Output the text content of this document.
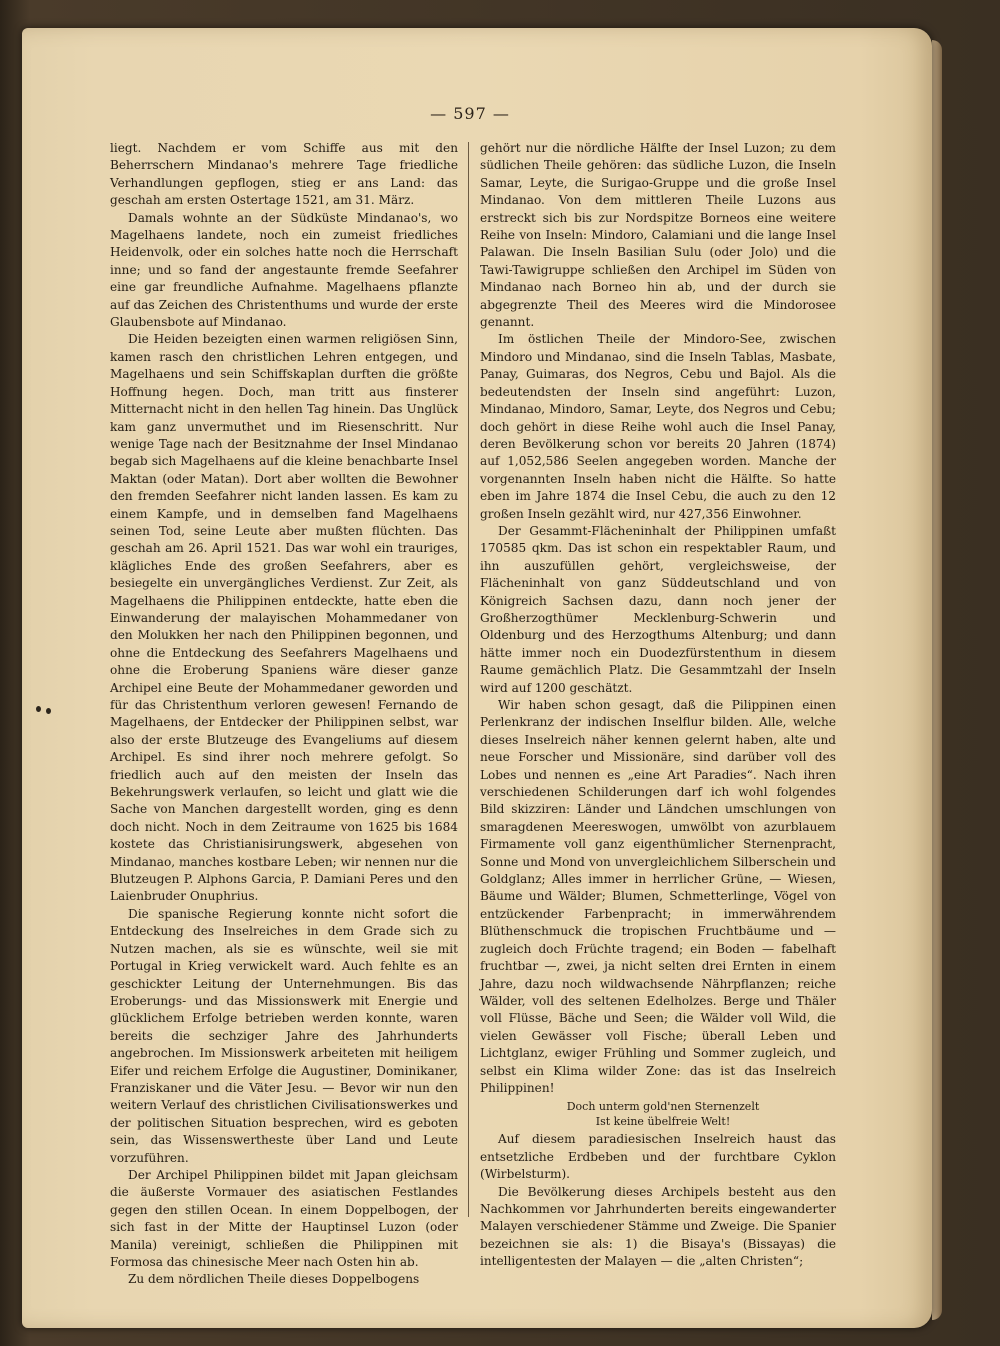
— 597 —

liegt. Nachdem er vom Schiffe aus mit den Beherrschern Mindanao's mehrere Tage friedliche Verhandlungen gepflogen, stieg er ans Land: das geschah am ersten Ostertage 1521, am 31. März.

Damals wohnte an der Südküste Mindanao's, wo Magelhaens landete, noch ein zumeist friedliches Heidenvolk, oder ein solches hatte noch die Herrschaft inne; und so fand der angestaunte fremde Seefahrer eine gar freundliche Aufnahme. Magelhaens pflanzte auf das Zeichen des Christenthums und wurde der erste Glaubensbote auf Mindanao.

Die Heiden bezeigten einen warmen religiösen Sinn, kamen rasch den christlichen Lehren entgegen, und Magelhaens und sein Schiffskaplan durften die größte Hoffnung hegen. Doch, man tritt aus finsterer Mitternacht nicht in den hellen Tag hinein. Das Unglück kam ganz unvermuthet und im Riesenschritt. Nur wenige Tage nach der Besitznahme der Insel Mindanao begab sich Magelhaens auf die kleine benachbarte Insel Maktan (oder Matan). Dort aber wollten die Bewohner den fremden Seefahrer nicht landen lassen. Es kam zu einem Kampfe, und in demselben fand Magelhaens seinen Tod, seine Leute aber mußten flüchten. Das geschah am 26. April 1521. Das war wohl ein trauriges, klägliches Ende des großen Seefahrers, aber es besiegelte ein unvergängliches Verdienst. Zur Zeit, als Magelhaens die Philippinen entdeckte, hatte eben die Einwanderung der malayischen Mohammedaner von den Molukken her nach den Philippinen begonnen, und ohne die Entdeckung des Seefahrers Magelhaens und ohne die Eroberung Spaniens wäre dieser ganze Archipel eine Beute der Mohammedaner geworden und für das Christenthum verloren gewesen! Fernando de Magelhaens, der Entdecker der Philippinen selbst, war also der erste Blutzeuge des Evangeliums auf diesem Archipel. Es sind ihrer noch mehrere gefolgt. So friedlich auch auf den meisten der Inseln das Bekehrungswerk verlaufen, so leicht und glatt wie die Sache von Manchen dargestellt worden, ging es denn doch nicht. Noch in dem Zeitraume von 1625 bis 1684 kostete das Christianisirungswerk, abgesehen von Mindanao, manches kostbare Leben; wir nennen nur die Blutzeugen P. Alphons Garcia, P. Damiani Peres und den Laienbruder Onuphrius.

Die spanische Regierung konnte nicht sofort die Entdeckung des Inselreiches in dem Grade sich zu Nutzen machen, als sie es wünschte, weil sie mit Portugal in Krieg verwickelt ward. Auch fehlte es an geschickter Leitung der Unternehmungen. Bis das Eroberungs- und das Missionswerk mit Energie und glücklichem Erfolge betrieben werden konnte, waren bereits die sechziger Jahre des Jahrhunderts angebrochen. Im Missionswerk arbeiteten mit heiligem Eifer und reichem Erfolge die Augustiner, Dominikaner, Franziskaner und die Väter Jesu. — Bevor wir nun den weitern Verlauf des christlichen Civilisationswerkes und der politischen Situation besprechen, wird es geboten sein, das Wissenswertheste über Land und Leute vorzuführen.

Der Archipel Philippinen bildet mit Japan gleichsam die äußerste Vormauer des asiatischen Festlandes gegen den stillen Ocean. In einem Doppelbogen, der sich fast in der Mitte der Hauptinsel Luzon (oder Manila) vereinigt, schließen die Philippinen mit Formosa das chinesische Meer nach Osten hin ab.

Zu dem nördlichen Theile dieses Doppelbogens

gehört nur die nördliche Hälfte der Insel Luzon; zu dem südlichen Theile gehören: das südliche Luzon, die Inseln Samar, Leyte, die Surigao-Gruppe und die große Insel Mindanao. Von dem mittleren Theile Luzons aus erstreckt sich bis zur Nordspitze Borneos eine weitere Reihe von Inseln: Mindoro, Calamiani und die lange Insel Palawan. Die Inseln Basilian Sulu (oder Jolo) und die Tawi-Tawigruppe schließen den Archipel im Süden von Mindanao nach Borneo hin ab, und der durch sie abgegrenzte Theil des Meeres wird die Mindorosee genannt.

Im östlichen Theile der Mindoro-See, zwischen Mindoro und Mindanao, sind die Inseln Tablas, Masbate, Panay, Guimaras, dos Negros, Cebu und Bajol. Als die bedeutendsten der Inseln sind angeführt: Luzon, Mindanao, Mindoro, Samar, Leyte, dos Negros und Cebu; doch gehört in diese Reihe wohl auch die Insel Panay, deren Bevölkerung schon vor bereits 20 Jahren (1874) auf 1,052,586 Seelen angegeben worden. Manche der vorgenannten Inseln haben nicht die Hälfte. So hatte eben im Jahre 1874 die Insel Cebu, die auch zu den 12 großen Inseln gezählt wird, nur 427,356 Einwohner.

Der Gesammt-Flächeninhalt der Philippinen umfaßt 170585 qkm. Das ist schon ein respektabler Raum, und ihn auszufüllen gehört, vergleichsweise, der Flächeninhalt von ganz Süddeutschland und von Königreich Sachsen dazu, dann noch jener der Großherzogthümer Mecklenburg-Schwerin und Oldenburg und des Herzogthums Altenburg; und dann hätte immer noch ein Duodezfürstenthum in diesem Raume gemächlich Platz. Die Gesammtzahl der Inseln wird auf 1200 geschätzt.

Wir haben schon gesagt, daß die Pilippinen einen Perlenkranz der indischen Inselflur bilden. Alle, welche dieses Inselreich näher kennen gelernt haben, alte und neue Forscher und Missionäre, sind darüber voll des Lobes und nennen es „eine Art Paradies“. Nach ihren verschiedenen Schilderungen darf ich wohl folgendes Bild skizziren: Länder und Ländchen umschlungen von smaragdenen Meereswogen, umwölbt von azurblauem Firmamente voll ganz eigenthümlicher Sternenpracht, Sonne und Mond von unvergleichlichem Silberschein und Goldglanz; Alles immer in herrlicher Grüne, — Wiesen, Bäume und Wälder; Blumen, Schmetterlinge, Vögel von entzückender Farbenpracht; in immerwährendem Blüthenschmuck die tropischen Fruchtbäume und — zugleich doch Früchte tragend; ein Boden — fabelhaft fruchtbar —, zwei, ja nicht selten drei Ernten in einem Jahre, dazu noch wildwachsende Nährpflanzen; reiche Wälder, voll des seltenen Edelholzes. Berge und Thäler voll Flüsse, Bäche und Seen; die Wälder voll Wild, die vielen Gewässer voll Fische; überall Leben und Lichtglanz, ewiger Frühling und Sommer zugleich, und selbst ein Klima wilder Zone: das ist das Inselreich Philippinen!

Doch unterm gold'nen Sternenzelt
Ist keine übelfreie Welt!

Auf diesem paradiesischen Inselreich haust das entsetzliche Erdbeben und der furchtbare Cyklon (Wirbelsturm).

Die Bevölkerung dieses Archipels besteht aus den Nachkommen vor Jahrhunderten bereits eingewanderter Malayen verschiedener Stämme und Zweige. Die Spanier bezeichnen sie als: 1) die Bisaya's (Bissayas) die intelligentesten der Malayen — die „alten Christen“;
